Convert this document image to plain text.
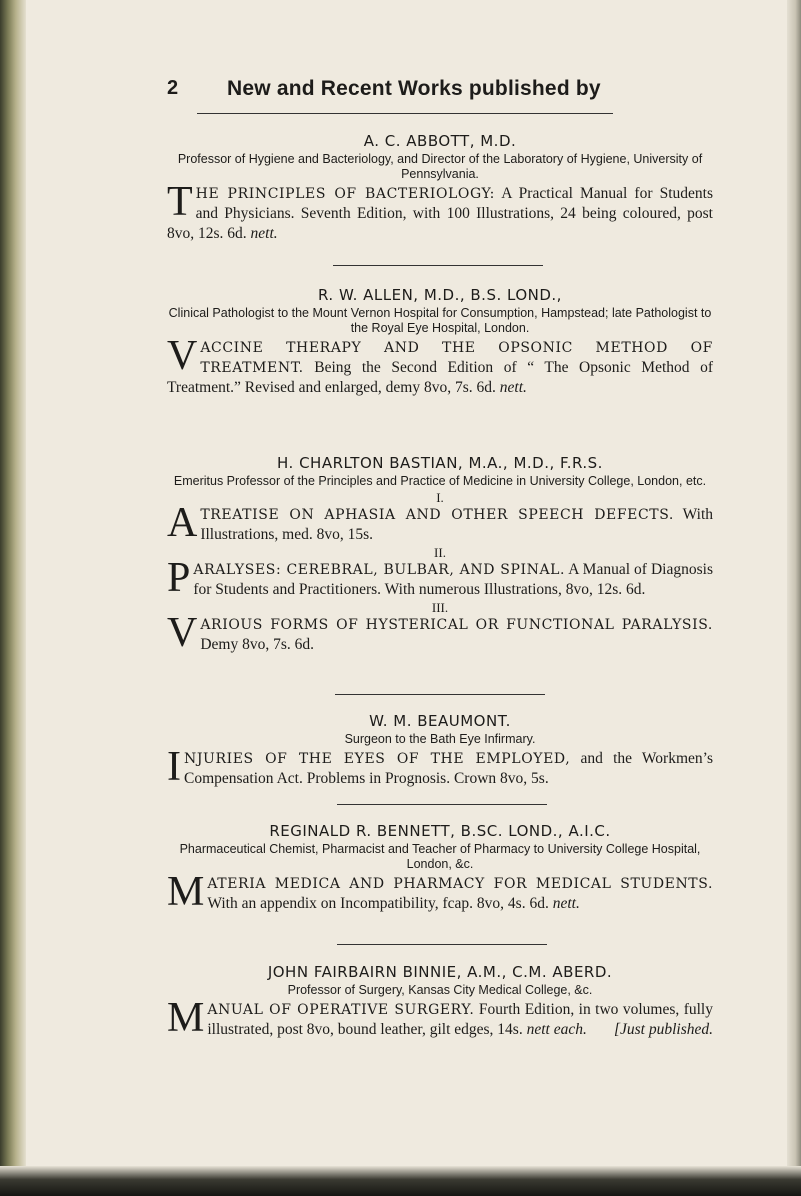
2 New and Recent Works published by

A. C. ABBOTT, M.D.

Professor of Hygiene and Bacteriology, and Director of the Laboratory of Hygiene, University of Pennsylvania.

THE PRINCIPLES OF BACTERIOLOGY: A Practical Manual for Students and Physicians. Seventh Edition, with 100 Illustrations, 24 being coloured, post 8vo, 12s. 6d. nett.

R. W. ALLEN, M.D., B.S. LOND.,

Clinical Pathologist to the Mount Vernon Hospital for Consumption, Hampstead; late Pathologist to the Royal Eye Hospital, London.

VACCINE THERAPY AND THE OPSONIC METHOD OF TREATMENT. Being the Second Edition of “ The Opsonic Method of Treatment.” Revised and enlarged, demy 8vo, 7s. 6d. nett.

H. CHARLTON BASTIAN, M.A., M.D., F.R.S.

Emeritus Professor of the Principles and Practice of Medicine in University College, London, etc.

I.

ATREATISE ON APHASIA AND OTHER SPEECH DEFECTS. With Illustrations, med. 8vo, 15s.

II.

PARALYSES: CEREBRAL, BULBAR, AND SPINAL. A Manual of Diagnosis for Students and Practitioners. With numerous Illustrations, 8vo, 12s. 6d.

III.

VARIOUS FORMS OF HYSTERICAL OR FUNCTIONAL PARALYSIS. Demy 8vo, 7s. 6d.

W. M. BEAUMONT.

Surgeon to the Bath Eye Infirmary.

INJURIES OF THE EYES OF THE EMPLOYED, and the Workmen’s Compensation Act. Problems in Prognosis. Crown 8vo, 5s.

REGINALD R. BENNETT, B.SC. LOND., A.I.C.

Pharmaceutical Chemist, Pharmacist and Teacher of Pharmacy to University College Hospital, London, &c.

MATERIA MEDICA AND PHARMACY FOR MEDICAL STUDENTS. With an appendix on Incompatibility, fcap. 8vo, 4s. 6d. nett.

JOHN FAIRBAIRN BINNIE, A.M., C.M. ABERD.

Professor of Surgery, Kansas City Medical College, &c.

MANUAL OF OPERATIVE SURGERY. Fourth Edition, in two volumes, fully illustrated, post 8vo, bound leather, gilt edges, 14s. nett each. [Just published.
